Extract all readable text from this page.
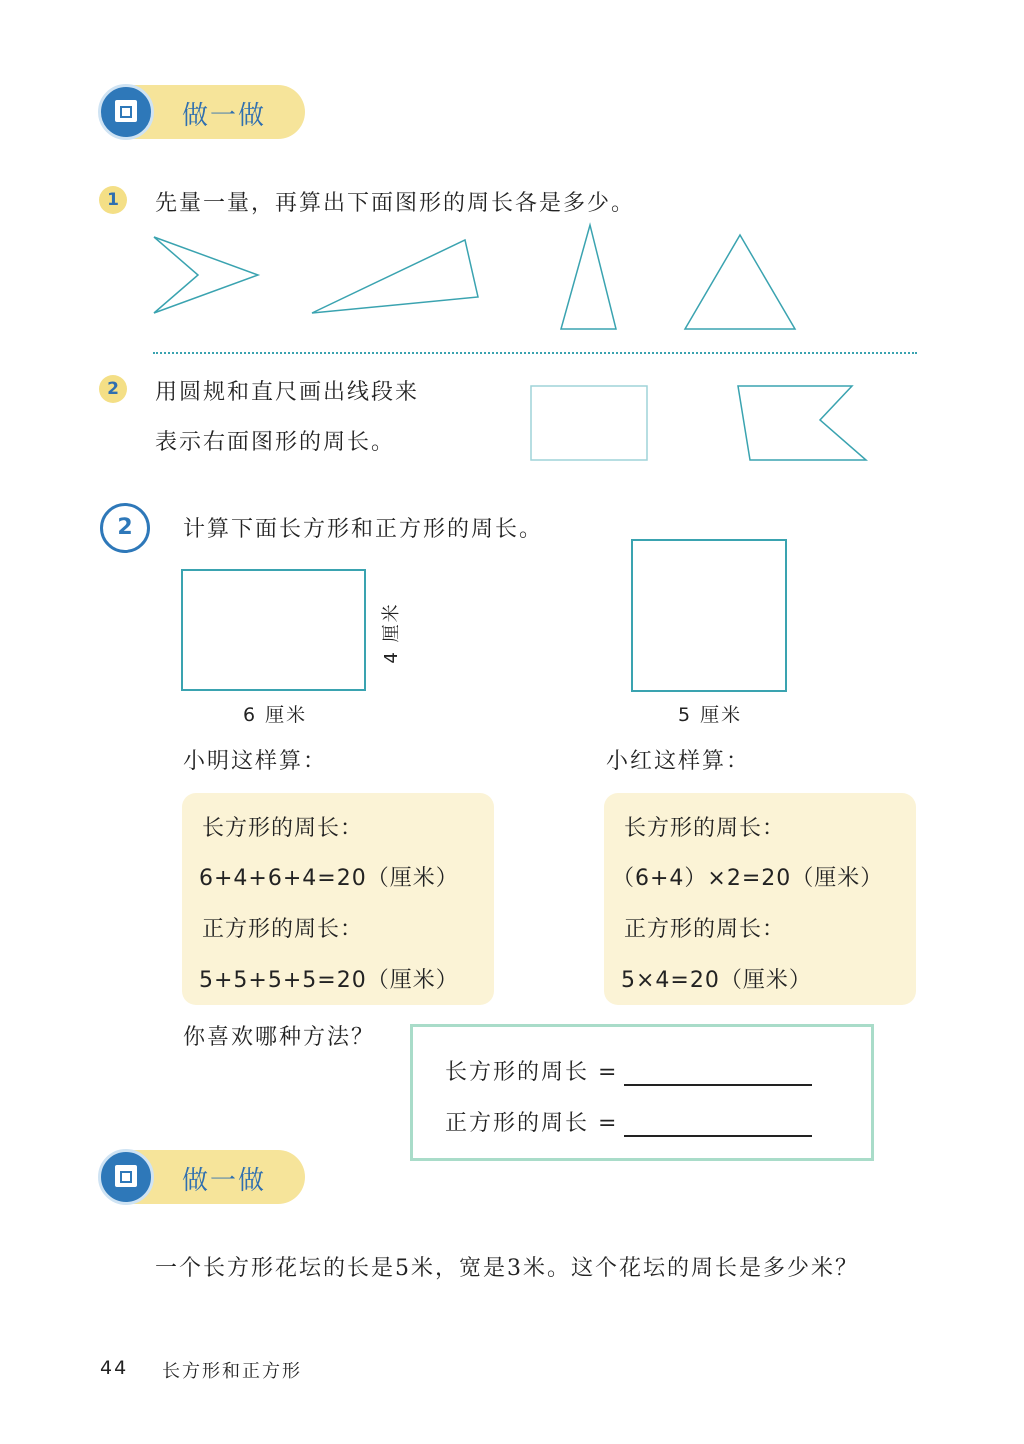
做一做
1	先量一量，再算出下面图形的周长各是多少。
2	用圆规和直尺画出线段来
表示右面图形的周长。
2	计算下面长方形和正方形的周长。
4 厘米
6 厘米	5 厘米
小明这样算：	小红这样算：
长方形的周长：
6+4+6+4=20（厘米）
正方形的周长：
5+5+5+5=20（厘米）
长方形的周长：
（6+4）×2=20（厘米）
正方形的周长：
5×4=20（厘米）
你喜欢哪种方法？
长方形的周长 =
正方形的周长 =
做一做
一个长方形花坛的长是5米，宽是3米。这个花坛的周长是多少米？
44 长方形和正方形
